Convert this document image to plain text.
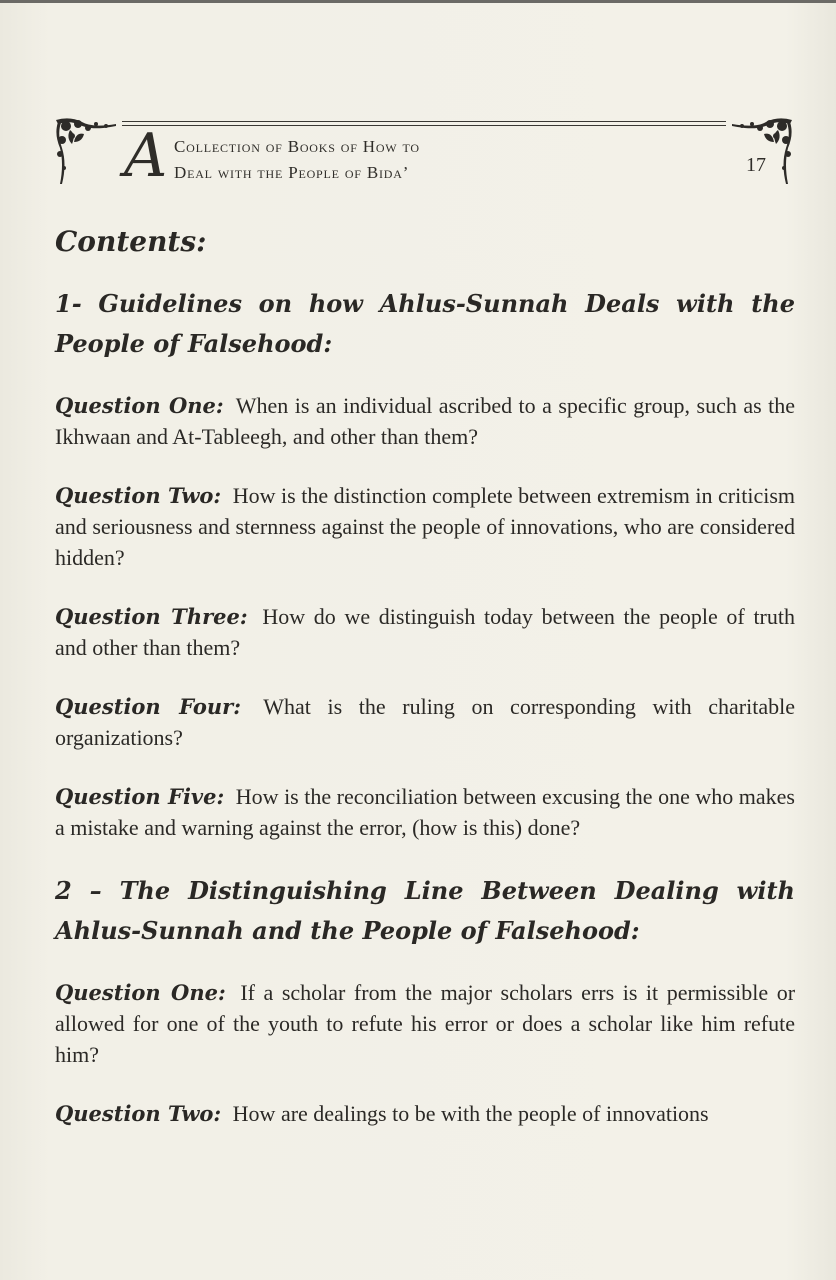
A Collection of Books of How to
Deal with the People of Bida’	17
Contents:
1- Guidelines on how Ahlus-Sunnah Deals with the People of Falsehood:

Question One: When is an individual ascribed to a specific group, such as the Ikhwaan and At-Tableegh, and other than them?

Question Two: How is the distinction complete between extremism in criticism and seriousness and sternness against the people of innovations, who are considered hidden?

Question Three: How do we distinguish today between the people of truth and other than them?

Question Four: What is the ruling on corresponding with charitable organizations?

Question Five: How is the reconciliation between excusing the one who makes a mistake and warning against the error, (how is this) done?

2 – The Distinguishing Line Between Dealing with Ahlus-Sunnah and the People of Falsehood:

Question One: If a scholar from the major scholars errs is it permissible or allowed for one of the youth to refute his error or does a scholar like him refute him?

Question Two: How are dealings to be with the people of innovations
